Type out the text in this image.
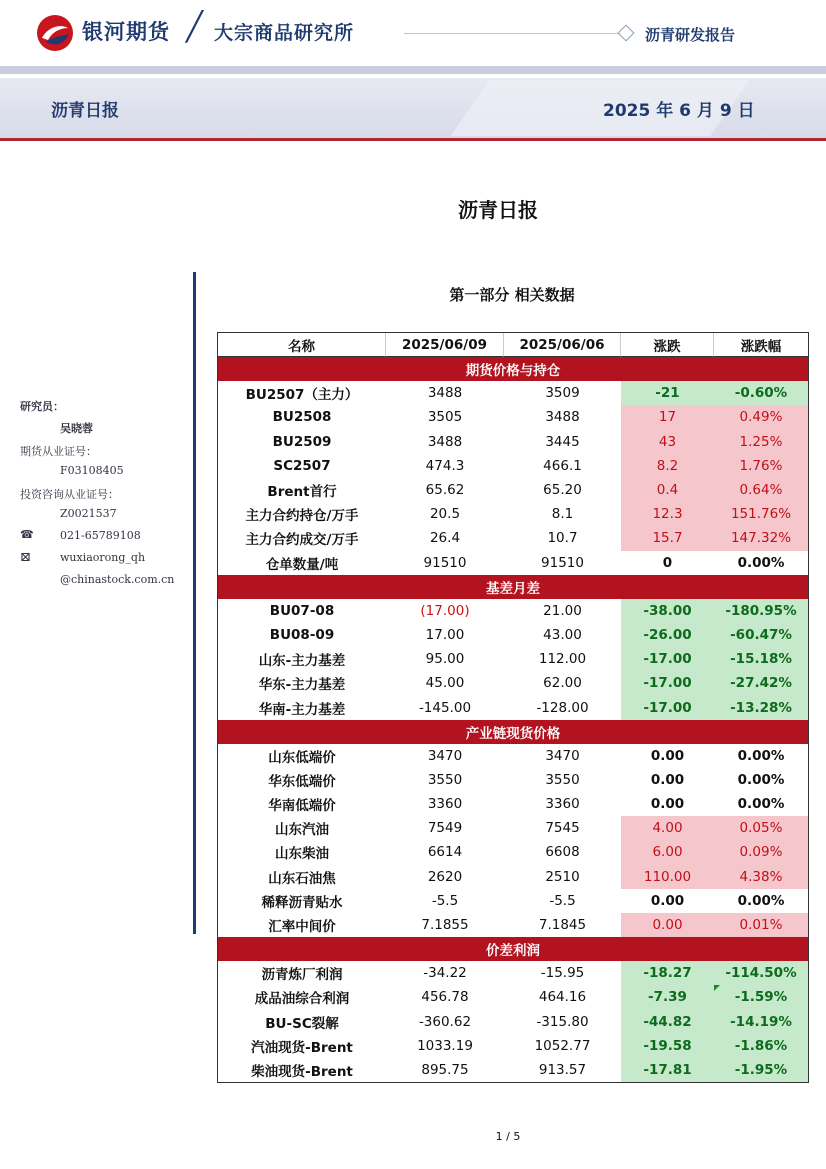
银河期货 ╱ 大宗商品研究所	沥青研发报告
沥青日报	2025 年 6 月 9 日
沥青日报
研究员：
吴晓蓉
期货从业证号：
F03108405
投资咨询从业证号：
Z0021537
☎ 021-65789108
⊠	wuxiaorong_qh
@chinastock.com.cn
第一部分 相关数据
名称	2025/06/09	2025/06/06	涨跌	涨跌幅
期货价格与持仓
BU2507（主力）	3488	3509	-21	-0.60%
BU2508	3505	3488	17	0.49%
BU2509	3488	3445	43	1.25%
SC2507	474.3	466.1	8.2	1.76%
Brent首行	65.62	65.20	0.4	0.64%
主力合约持仓/万手	20.5	8.1	12.3	151.76%
主力合约成交/万手	26.4	10.7	15.7	147.32%
仓单数量/吨	91510	91510	0	0.00%
基差月差
BU07-08	(17.00)	21.00	-38.00	-180.95%
BU08-09	17.00	43.00	-26.00	-60.47%
山东-主力基差	95.00	112.00	-17.00	-15.18%
华东-主力基差	45.00	62.00	-17.00	-27.42%
华南-主力基差	-145.00	-128.00	-17.00	-13.28%
产业链现货价格
山东低端价	3470	3470	0.00	0.00%
华东低端价	3550	3550	0.00	0.00%
华南低端价	3360	3360	0.00	0.00%
山东汽油	7549	7545	4.00	0.05%
山东柴油	6614	6608	6.00	0.09%
山东石油焦	2620	2510	110.00	4.38%
稀释沥青贴水	-5.5	-5.5	0.00	0.00%
汇率中间价	7.1855	7.1845	0.00	0.01%
价差利润
沥青炼厂利润	-34.22	-15.95	-18.27	-114.50%
成品油综合利润	456.78	464.16	-7.39	-1.59%
BU-SC裂解	-360.62	-315.80	-44.82	-14.19%
汽油现货-Brent	1033.19	1052.77	-19.58	-1.86%
柴油现货-Brent	895.75	913.57	-17.81	-1.95%
1 / 5
